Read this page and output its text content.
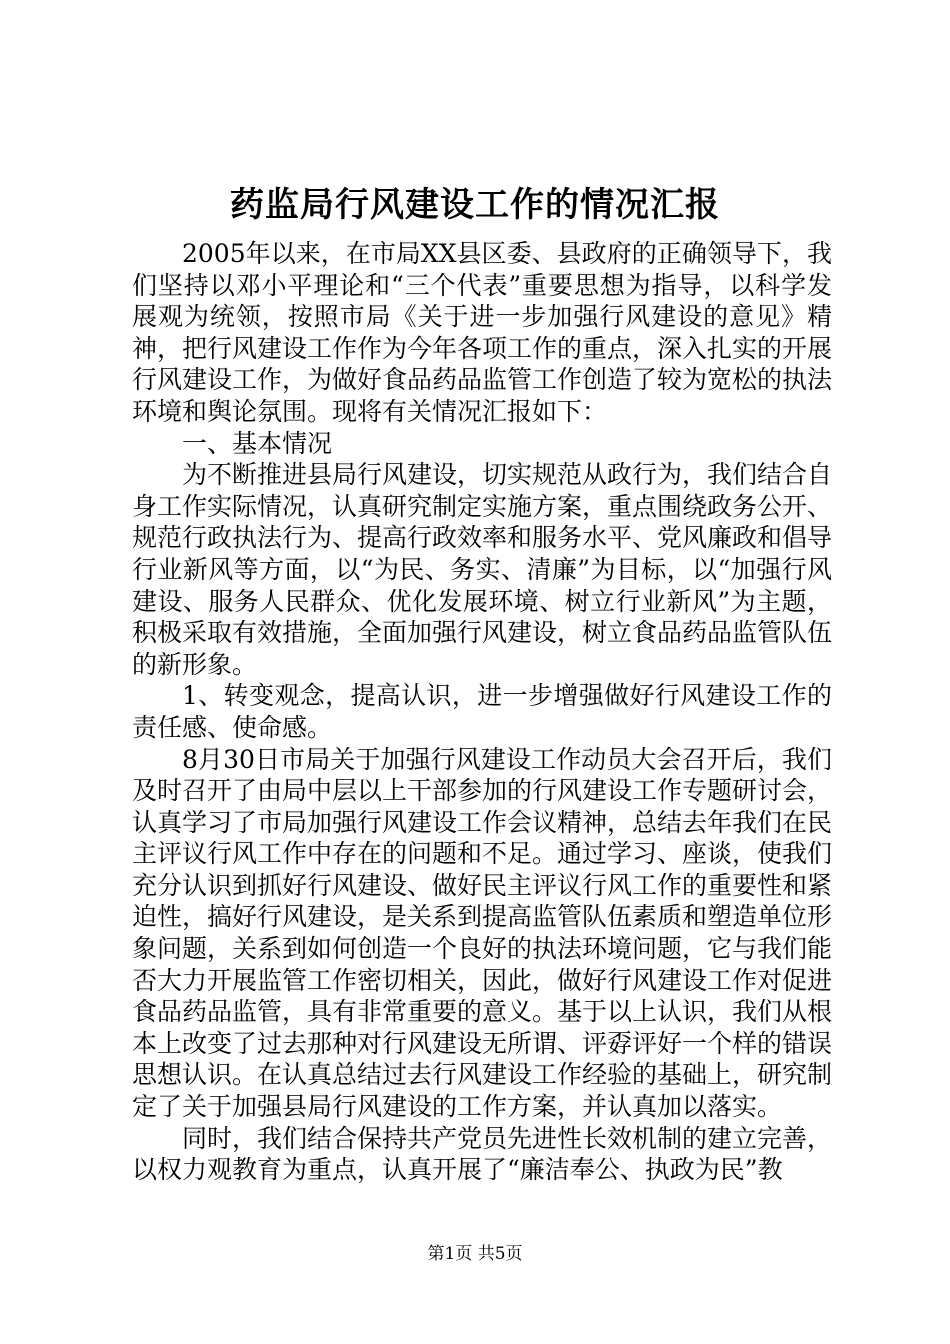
药监局行风建设工作的情况汇报

2005年以来，在市局XX县区委、县政府的正确领导下，我们坚持以邓小平理论和“三个代表”重要思想为指导，以科学发展观为统领，按照市局《关于进一步加强行风建设的意见》精神，把行风建设工作作为今年各项工作的重点，深入扎实的开展行风建设工作，为做好食品药品监管工作创造了较为宽松的执法环境和舆论氛围。现将有关情况汇报如下：

一、基本情况

为不断推进县局行风建设，切实规范从政行为，我们结合自身工作实际情况，认真研究制定实施方案，重点围绕政务公开、规范行政执法行为、提高行政效率和服务水平、党风廉政和倡导行业新风等方面，以“为民、务实、清廉”为目标，以“加强行风建设、服务人民群众、优化发展环境、树立行业新风”为主题，积极采取有效措施，全面加强行风建设，树立食品药品监管队伍的新形象。

1、转变观念，提高认识，进一步增强做好行风建设工作的责任感、使命感。

8月30日市局关于加强行风建设工作动员大会召开后，我们及时召开了由局中层以上干部参加的行风建设工作专题研讨会，认真学习了市局加强行风建设工作会议精神，总结去年我们在民主评议行风工作中存在的问题和不足。通过学习、座谈，使我们充分认识到抓好行风建设、做好民主评议行风工作的重要性和紧迫性，搞好行风建设，是关系到提高监管队伍素质和塑造单位形象问题，关系到如何创造一个良好的执法环境问题，它与我们能否大力开展监管工作密切相关，因此，做好行风建设工作对促进食品药品监管，具有非常重要的意义。基于以上认识，我们从根本上改变了过去那种对行风建设无所谓、评孬评好一个样的错误思想认识。在认真总结过去行风建设工作经验的基础上，研究制定了关于加强县局行风建设的工作方案，并认真加以落实。

同时，我们结合保持共产党员先进性长效机制的建立完善，以权力观教育为重点，认真开展了“廉洁奉公、执政为民”教

第1页 共5页
